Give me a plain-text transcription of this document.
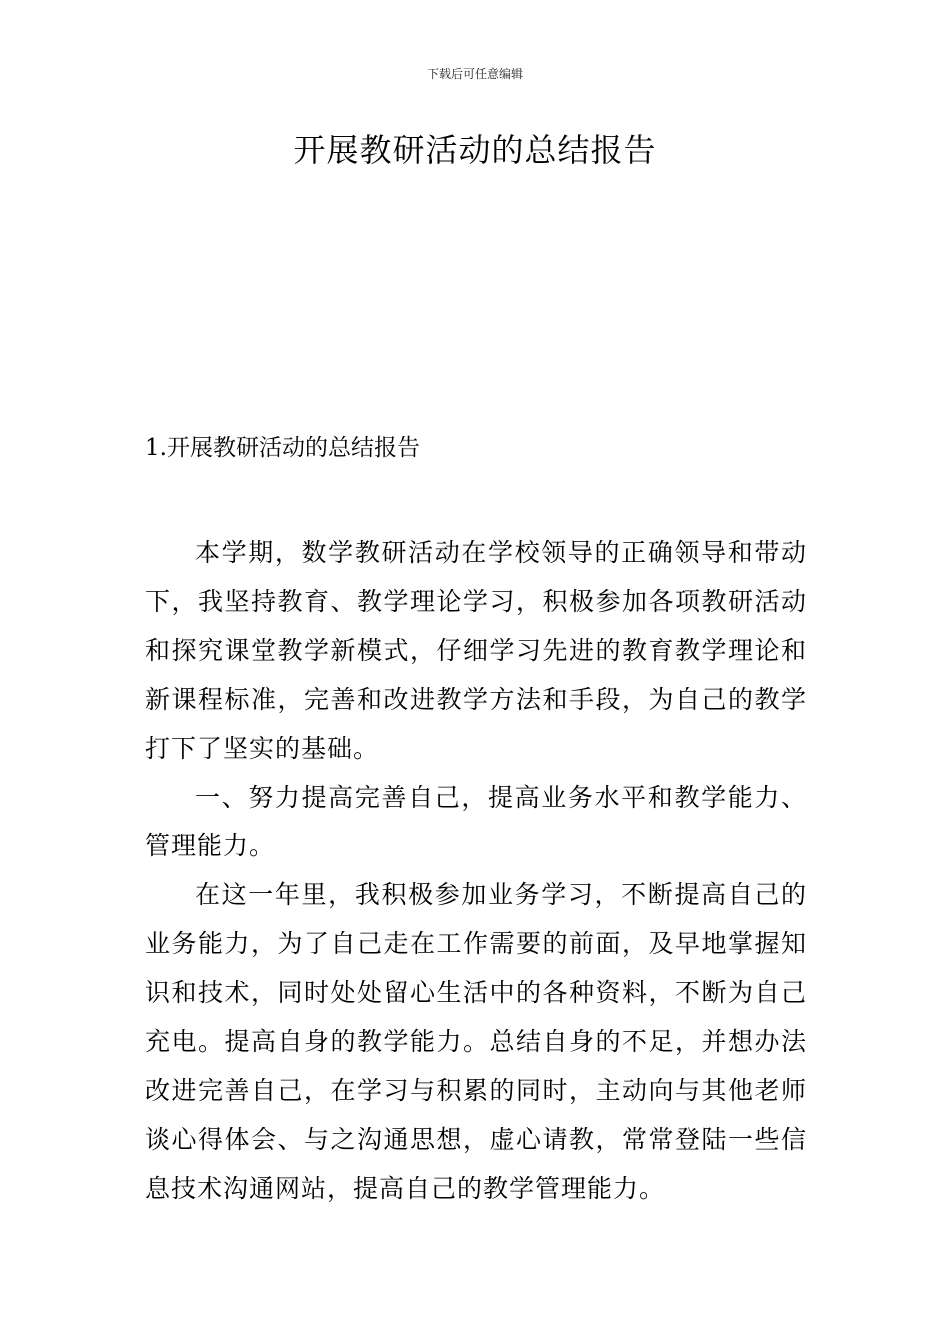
下载后可任意编辑
开展教研活动的总结报告
1.开展教研活动的总结报告

本学期，数学教研活动在学校领导的正确领导和带动下，我坚持教育、教学理论学习，积极参加各项教研活动和探究课堂教学新模式，仔细学习先进的教育教学理论和新课程标准，完善和改进教学方法和手段，为自己的教学打下了坚实的基础。

一、努力提高完善自己，提高业务水平和教学能力、管理能力。

在这一年里，我积极参加业务学习，不断提高自己的业务能力，为了自己走在工作需要的前面，及早地掌握知识和技术，同时处处留心生活中的各种资料，不断为自己充电。提高自身的教学能力。总结自身的不足，并想办法改进完善自己，在学习与积累的同时，主动向与其他老师谈心得体会、与之沟通思想，虚心请教，常常登陆一些信息技术沟通网站，提高自己的教学管理能力。
